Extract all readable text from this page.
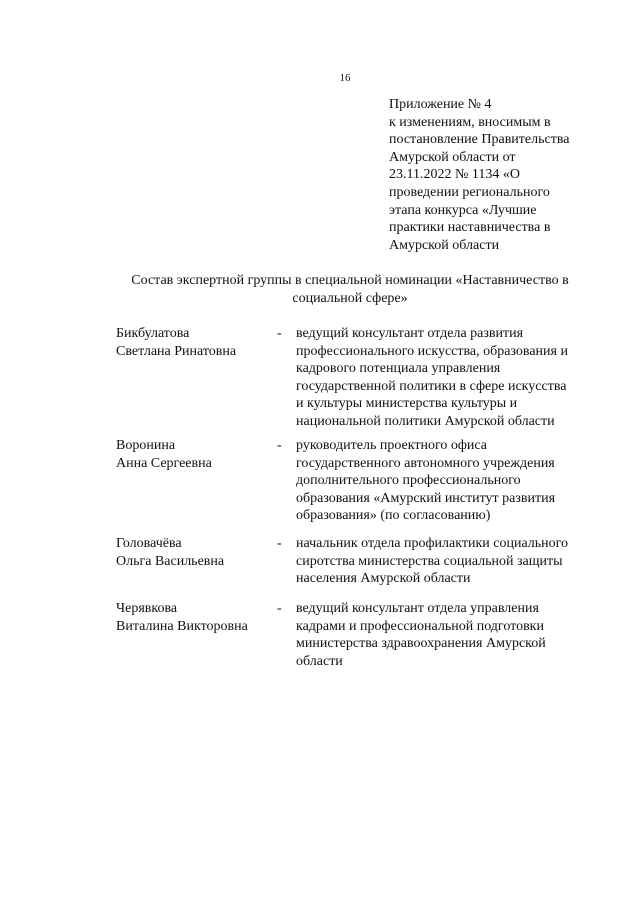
16
Приложение № 4
к изменениям, вносимым в
постановление Правительства
Амурской области от
23.11.2022 № 1134 «О
проведении регионального
этапа конкурса «Лучшие
практики наставничества в
Амурской области
Состав экспертной группы в специальной номинации «Наставничество в
социальной сфере»
Бикбулатова
Светлана Ринатовна
- ведущий консультант отдела развития
профессионального искусства, образования и
кадрового потенциала управления
государственной политики в сфере искусства
и культуры министерства культуры и
национальной политики Амурской области
Воронина
Анна Сергеевна
- руководитель проектного офиса
государственного автономного учреждения
дополнительного профессионального
образования «Амурский институт развития
образования» (по согласованию)
Головачёва
Ольга Васильевна
- начальник отдела профилактики социального
сиротства министерства социальной защиты
населения Амурской области
Черявкова
Виталина Викторовна
- ведущий консультант отдела управления
кадрами и профессиональной подготовки
министерства здравоохранения Амурской
области
